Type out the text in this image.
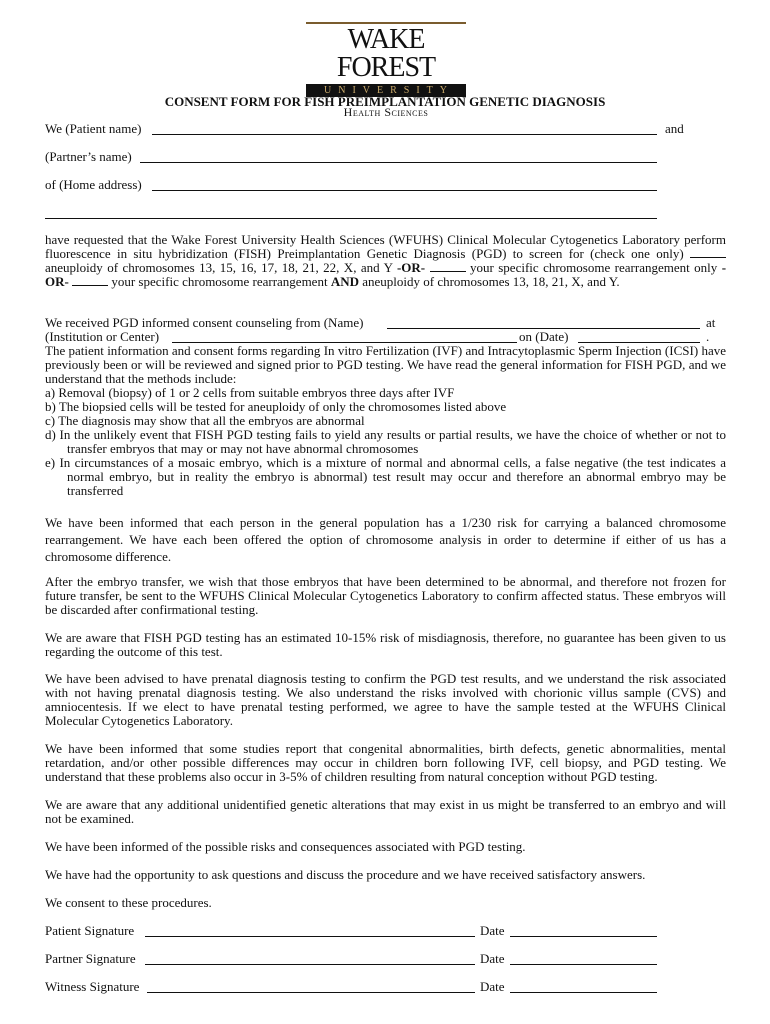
WAKE FOREST
UNIVERSITY
Health Sciences
CONSENT FORM FOR FISH PREIMPLANTATION GENETIC DIAGNOSIS
We (Patient name)	and
(Partner’s name)
of (Home address)

have requested that the Wake Forest University Health Sciences (WFUHS) Clinical Molecular Cytogenetics Laboratory perform fluorescence in situ hybridization (FISH) Preimplantation Genetic Diagnosis (PGD) to screen for (check one only)  aneuploidy of chromosomes 13, 15, 16, 17, 18, 21, 22, X, and Y -OR-	your specific chromosome rearrangement only -OR-	your specific chromosome rearrangement AND aneuploidy of chromosomes 13, 18, 21, X, and Y.

We received PGD informed consent counseling from (Name)	at
(Institution or Center)	on (Date)	.

The patient information and consent forms regarding In vitro Fertilization (IVF) and Intracytoplasmic Sperm Injection (ICSI) have previously been or will be reviewed and signed prior to PGD testing. We have read the general information for FISH PGD, and we understand that the methods include:

a) Removal (biopsy) of 1 or 2 cells from suitable embryos three days after IVF

b) The biopsied cells will be tested for aneuploidy of only the chromosomes listed above

c) The diagnosis may show that all the embryos are abnormal

d) In the unlikely event that FISH PGD testing fails to yield any results or partial results, we have the choice of whether or not to transfer embryos that may or may not have abnormal chromosomes

e) In circumstances of a mosaic embryo, which is a mixture of normal and abnormal cells, a false negative (the test indicates a normal embryo, but in reality the embryo is abnormal) test result may occur and therefore an abnormal embryo may be transferred

We have been informed that each person in the general population has a 1/230 risk for carrying a balanced chromosome rearrangement. We have each been offered the option of chromosome analysis in order to determine if either of us has a chromosome difference.
After the embryo transfer, we wish that those embryos that have been determined to be abnormal, and therefore not frozen for future transfer, be sent to the WFUHS Clinical Molecular Cytogenetics Laboratory to confirm affected status. These embryos will be discarded after confirmational testing.
We are aware that FISH PGD testing has an estimated 10-15% risk of misdiagnosis, therefore, no guarantee has been given to us regarding the outcome of this test.
We have been advised to have prenatal diagnosis testing to confirm the PGD test results, and we understand the risk associated with not having prenatal diagnosis testing. We also understand the risks involved with chorionic villus sample (CVS) and amniocentesis. If we elect to have prenatal testing performed, we agree to have the sample tested at the WFUHS Clinical Molecular Cytogenetics Laboratory.
We have been informed that some studies report that congenital abnormalities, birth defects, genetic abnormalities, mental retardation, and/or other possible differences may occur in children born following IVF, cell biopsy, and PGD testing. We understand that these problems also occur in 3-5% of children resulting from natural conception without PGD testing.
We are aware that any additional unidentified genetic alterations that may exist in us might be transferred to an embryo and will not be examined.
We have been informed of the possible risks and consequences associated with PGD testing.
We have had the opportunity to ask questions and discuss the procedure and we have received satisfactory answers.
We consent to these procedures.
Patient Signature	Date
Partner Signature	Date
Witness Signature	Date
